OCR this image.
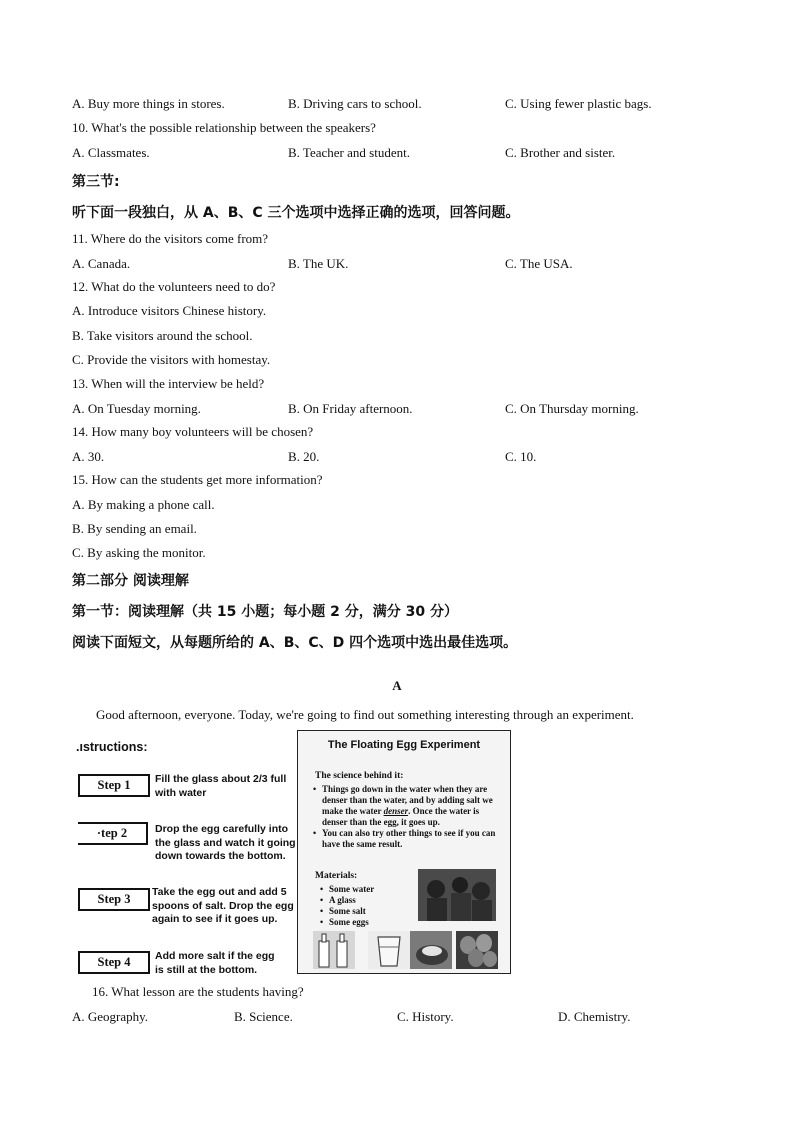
A. Buy more things in stores.	B. Driving cars to school.	C. Using fewer plastic bags.
10. What's the possible relationship between the speakers?
A. Classmates.	B. Teacher and student.	C. Brother and sister.
第三节:
听下面一段独白，从 A、B、C 三个选项中选择正确的选项，回答问题。
11. Where do the visitors come from?
A. Canada.	B. The UK.	C. The USA.
12. What do the volunteers need to do?
A. Introduce visitors Chinese history.
B. Take visitors around the school.
C. Provide the visitors with homestay.
13. When will the interview be held?
A. On Tuesday morning.	B. On Friday afternoon.	C. On Thursday morning.
14. How many boy volunteers will be chosen?
A. 30.	B. 20.	C. 10.
15. How can the students get more information?
A. By making a phone call.
B. By sending an email.
C. By asking the monitor.
第二部分 阅读理解
第一节：阅读理解（共 15 小题；每小题 2 分，满分 30 分）
阅读下面短文，从每题所给的 A、B、C、D 四个选项中选出最佳选项。
A
Good afternoon, everyone. Today, we're going to find out something interesting through an experiment.
.ıstructions:
Step 1	Fill the glass about 2/3 full
with water
·tep 2	Drop the egg carefully into
the glass and watch it going
down towards the bottom.
Step 3	Take the egg out and add 5
spoons of salt. Drop the egg
again to see if it goes up.
Step 4	Add more salt if the egg
is still at the bottom.
The Floating Egg Experiment
The science behind it:
• Things go down in the water when they are denser than the water, and by adding salt we make the water denser. Once the water is denser than the egg, it goes up.
• You can also try other things to see if you can have the same result.
Materials:
• Some water
• A glass
• Some salt
• Some eggs
16. What lesson are the students having?
A. Geography.	B. Science.	C. History.	D. Chemistry.
